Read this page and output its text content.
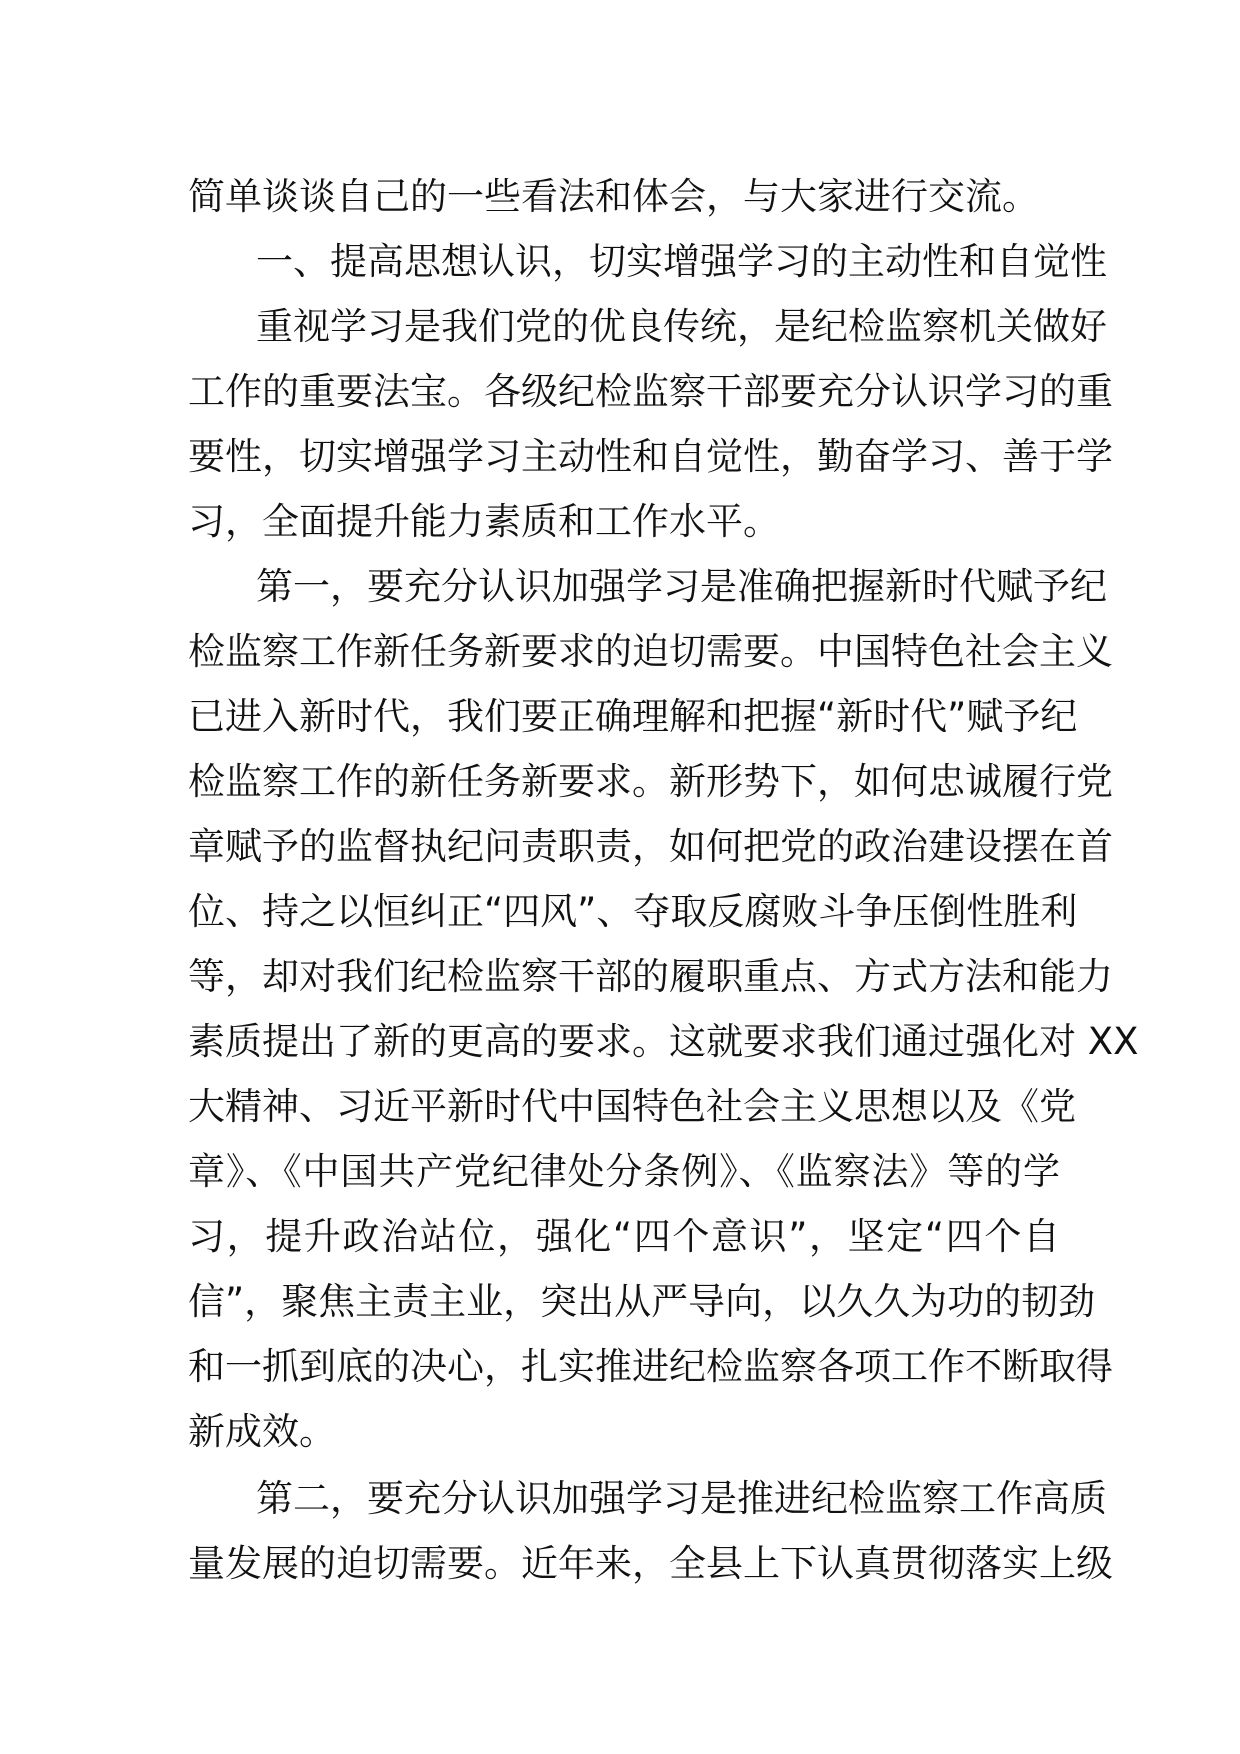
简单谈谈自己的一些看法和体会，与大家进行交流。
一、提高思想认识，切实增强学习的主动性和自觉性
重视学习是我们党的优良传统，是纪检监察机关做好
工作的重要法宝。各级纪检监察干部要充分认识学习的重
要性，切实增强学习主动性和自觉性，勤奋学习、善于学
习，全面提升能力素质和工作水平。
第一，要充分认识加强学习是准确把握新时代赋予纪
检监察工作新任务新要求的迫切需要。中国特色社会主义
已进入新时代，我们要正确理解和把握“新时代”赋予纪
检监察工作的新任务新要求。新形势下，如何忠诚履行党
章赋予的监督执纪问责职责，如何把党的政治建设摆在首
位、持之以恒纠正“四风”、夺取反腐败斗争压倒性胜利
等，却对我们纪检监察干部的履职重点、方式方法和能力
素质提出了新的更高的要求。这就要求我们通过强化对 XX
大精神、习近平新时代中国特色社会主义思想以及《党
章》、《中国共产党纪律处分条例》、《监察法》等的学
习，提升政治站位，强化“四个意识”，坚定“四个自
信”，聚焦主责主业，突出从严导向，以久久为功的韧劲
和一抓到底的决心，扎实推进纪检监察各项工作不断取得
新成效。
第二，要充分认识加强学习是推进纪检监察工作高质
量发展的迫切需要。近年来，全县上下认真贯彻落实上级
